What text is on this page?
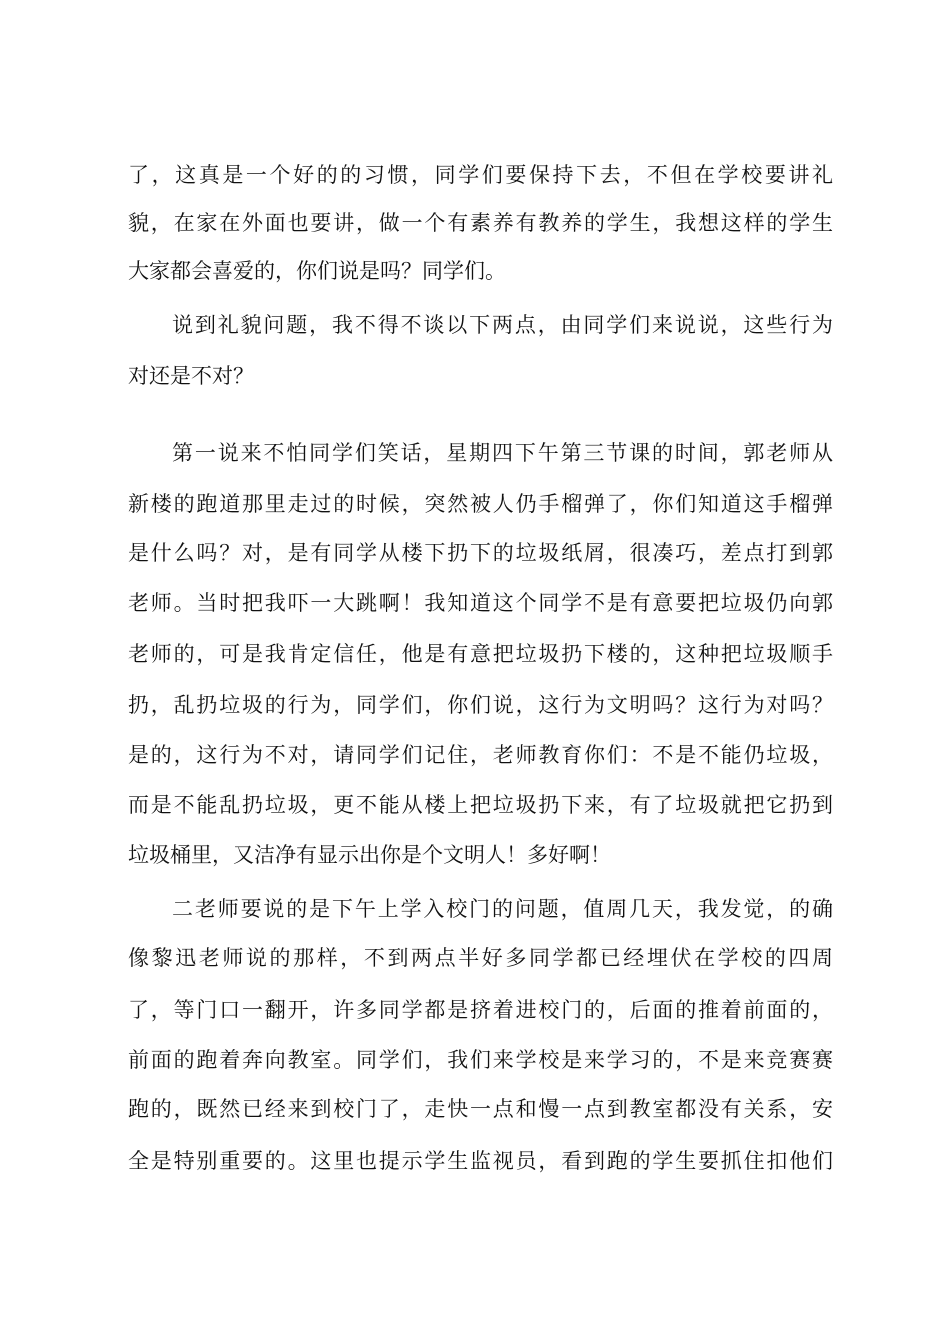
了，这真是一个好的的习惯，同学们要保持下去，不但在学校要讲礼
貌，在家在外面也要讲，做一个有素养有教养的学生，我想这样的学生
大家都会喜爱的，你们说是吗？同学们。
说到礼貌问题，我不得不谈以下两点，由同学们来说说，这些行为
对还是不对？
第一说来不怕同学们笑话，星期四下午第三节课的时间，郭老师从
新楼的跑道那里走过的时候，突然被人仍手榴弹了，你们知道这手榴弹
是什么吗？对，是有同学从楼下扔下的垃圾纸屑，很凑巧，差点打到郭
老师。当时把我吓一大跳啊！我知道这个同学不是有意要把垃圾仍向郭
老师的，可是我肯定信任，他是有意把垃圾扔下楼的，这种把垃圾顺手
扔，乱扔垃圾的行为，同学们，你们说，这行为文明吗？这行为对吗？
是的，这行为不对，请同学们记住，老师教育你们：不是不能仍垃圾，
而是不能乱扔垃圾，更不能从楼上把垃圾扔下来，有了垃圾就把它扔到
垃圾桶里，又洁净有显示出你是个文明人！多好啊！
二老师要说的是下午上学入校门的问题，值周几天，我发觉，的确
像黎迅老师说的那样，不到两点半好多同学都已经埋伏在学校的四周
了，等门口一翻开，许多同学都是挤着进校门的，后面的推着前面的，
前面的跑着奔向教室。同学们，我们来学校是来学习的，不是来竞赛赛
跑的，既然已经来到校门了，走快一点和慢一点到教室都没有关系，安
全是特别重要的。这里也提示学生监视员，看到跑的学生要抓住扣他们
